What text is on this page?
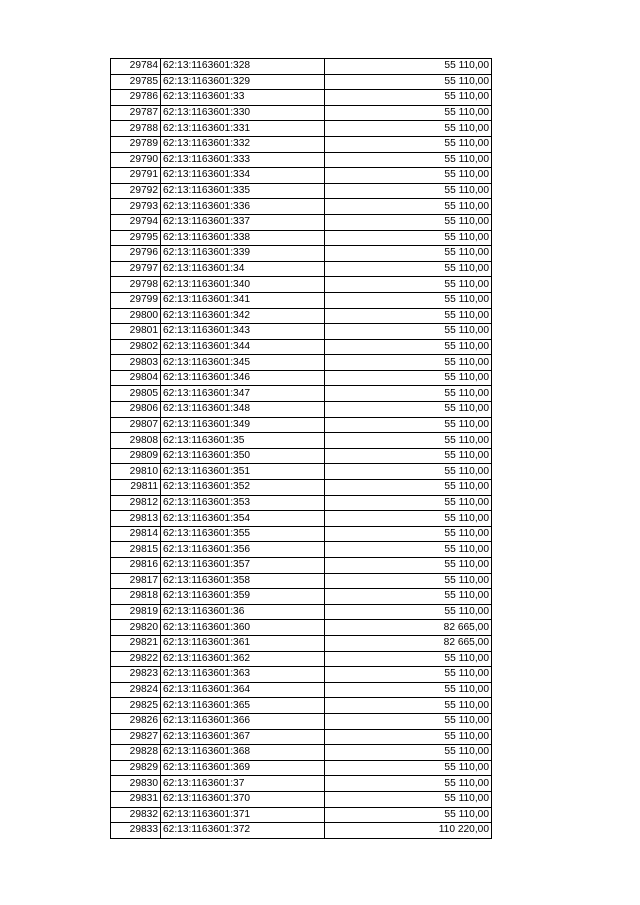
29784	62:13:1163601:328	55 110,00
29785	62:13:1163601:329	55 110,00
29786	62:13:1163601:33	55 110,00
29787	62:13:1163601:330	55 110,00
29788	62:13:1163601:331	55 110,00
29789	62:13:1163601:332	55 110,00
29790	62:13:1163601:333	55 110,00
29791	62:13:1163601:334	55 110,00
29792	62:13:1163601:335	55 110,00
29793	62:13:1163601:336	55 110,00
29794	62:13:1163601:337	55 110,00
29795	62:13:1163601:338	55 110,00
29796	62:13:1163601:339	55 110,00
29797	62:13:1163601:34	55 110,00
29798	62:13:1163601:340	55 110,00
29799	62:13:1163601:341	55 110,00
29800	62:13:1163601:342	55 110,00
29801	62:13:1163601:343	55 110,00
29802	62:13:1163601:344	55 110,00
29803	62:13:1163601:345	55 110,00
29804	62:13:1163601:346	55 110,00
29805	62:13:1163601:347	55 110,00
29806	62:13:1163601:348	55 110,00
29807	62:13:1163601:349	55 110,00
29808	62:13:1163601:35	55 110,00
29809	62:13:1163601:350	55 110,00
29810	62:13:1163601:351	55 110,00
29811	62:13:1163601:352	55 110,00
29812	62:13:1163601:353	55 110,00
29813	62:13:1163601:354	55 110,00
29814	62:13:1163601:355	55 110,00
29815	62:13:1163601:356	55 110,00
29816	62:13:1163601:357	55 110,00
29817	62:13:1163601:358	55 110,00
29818	62:13:1163601:359	55 110,00
29819	62:13:1163601:36	55 110,00
29820	62:13:1163601:360	82 665,00
29821	62:13:1163601:361	82 665,00
29822	62:13:1163601:362	55 110,00
29823	62:13:1163601:363	55 110,00
29824	62:13:1163601:364	55 110,00
29825	62:13:1163601:365	55 110,00
29826	62:13:1163601:366	55 110,00
29827	62:13:1163601:367	55 110,00
29828	62:13:1163601:368	55 110,00
29829	62:13:1163601:369	55 110,00
29830	62:13:1163601:37	55 110,00
29831	62:13:1163601:370	55 110,00
29832	62:13:1163601:371	55 110,00
29833	62:13:1163601:372	110 220,00
